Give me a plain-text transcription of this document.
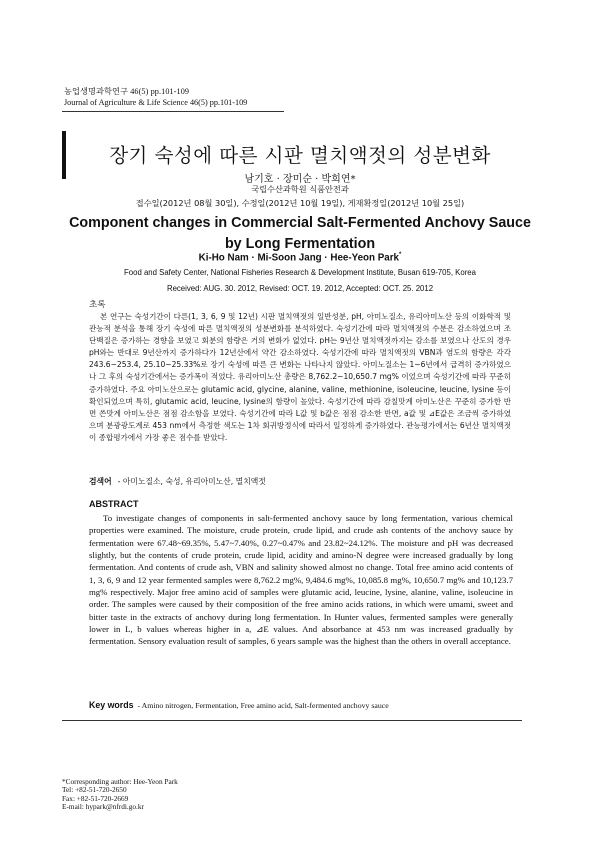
농업생명과학연구 46(5) pp.101-109
Journal of Agriculture & Life Science 46(5) pp.101-109
장기 숙성에 따른 시판 멸치액젓의 성분변화
남기호 · 장미순 · 박희연*
국립수산과학원 식품안전과
접수일(2012년 08월 30일), 수정일(2012년 10월 19일), 게재확정일(2012년 10월 25일)
Component changes in Commercial Salt-Fermented Anchovy Sauce
by Long Fermentation
Ki-Ho Nam · Mi-Soon Jang · Hee-Yeon Park*
Food and Safety Center, National Fisheries Research & Development Institute, Busan 619-705, Korea
Received: AUG. 30. 2012, Revised: OCT. 19. 2012, Accepted: OCT. 25. 2012
초록
본 연구는 숙성기간이 다른(1, 3, 6, 9 및 12년) 시판 멸치액젓의 일반성분, pH, 아미노질소, 유리아미노산 등의 이화학적 및 관능적 분석을 통해 장기 숙성에 따른 멸치액젓의 성분변화를 분석하였다. 숙성기간에 따라 멸치액젓의 수분은 감소하였으며 조단백질은 증가하는 경향을 보였고 회분의 함량은 거의 변화가 없었다. pH는 9년산 멸치액젓까지는 감소를 보였으나 산도의 경우 pH와는 반대로 9년산까지 증가하다가 12년산에서 약간 감소하였다. 숙성기간에 따라 멸치액젓의 VBN과 염도의 함량은 각각 243.6~253.4, 25.10~25.33%로 장기 숙성에 따른 큰 변화는 나타나지 않았다. 아미노질소는 1~6년에서 급격히 증가하였으나 그 후의 숙성기간에서는 증가폭이 적었다. 유리아미노산 총량은 8,762.2~10,650.7 mg% 이었으며 숙성기간에 따라 꾸준히 증가하였다. 주요 아미노산으로는 glutamic acid, glycine, alanine, valine, methionine, isoleucine, leucine, lysine 등이 확인되었으며 특히, glutamic acid, leucine, lysine의 함량이 높았다. 숙성기간에 따라 감칠맛계 아미노산은 꾸준히 증가한 반면 쓴맛계 아미노산은 점점 감소함을 보였다. 숙성기간에 따라 L값 및 b값은 점점 감소한 반면, a값 및 ⊿E값은 조금씩 증가하였으며 분광광도계로 453 nm에서 측정한 색도는 1차 회귀방정식에 따라서 일정하게 증가하였다. 관능평가에서는 6년산 멸치액젓이 종합평가에서 가장 좋은 점수를 받았다.
검색어 - 아미노질소, 숙성, 유리아미노산, 멸치액젓
ABSTRACT
To investigate changes of components in salt-fermented anchovy sauce by long fermentation, various chemical properties were examined. The moisture, crude protein, crude lipid, and crude ash contents of the anchovy sauce by fermentation were 67.48~69.35%, 5.47~7.40%, 0.27~0.47% and 23.82~24.12%. The moisture and pH was decreased slightly, but the contents of crude protein, crude lipid, acidity and amino-N degree were increased gradually by long fermentation. And contents of crude ash, VBN and salinity showed almost no change. Total free amino acid contents of 1, 3, 6, 9 and 12 year fermented samples were 8,762.2 mg%, 9,484.6 mg%, 10,085.8 mg%, 10,650.7 mg% and 10,123.7 mg% respectively. Major free amino acid of samples were glutamic acid, leucine, lysine, alanine, valine, isoleucine in order. The samples were caused by their composition of the free amino acids rations, in which were umami, sweet and bitter taste in the extracts of anchovy during long fermentation. In Hunter values, fermented samples were generally lower in L, b values whereas higher in a, ⊿E values. And absorbance at 453 nm was increased gradually by fermentation. Sensory evaluation result of samples, 6 years sample was the highest than the others in overall acceptance.
Key words - Amino nitrogen, Fermentation, Free amino acid, Salt-fermented anchovy sauce
*Corresponding author: Hee-Yeon Park
Tel: +82-51-720-2650
Fax: +82-51-720-2669
E-mail: hypark@nfrdi.go.kr
